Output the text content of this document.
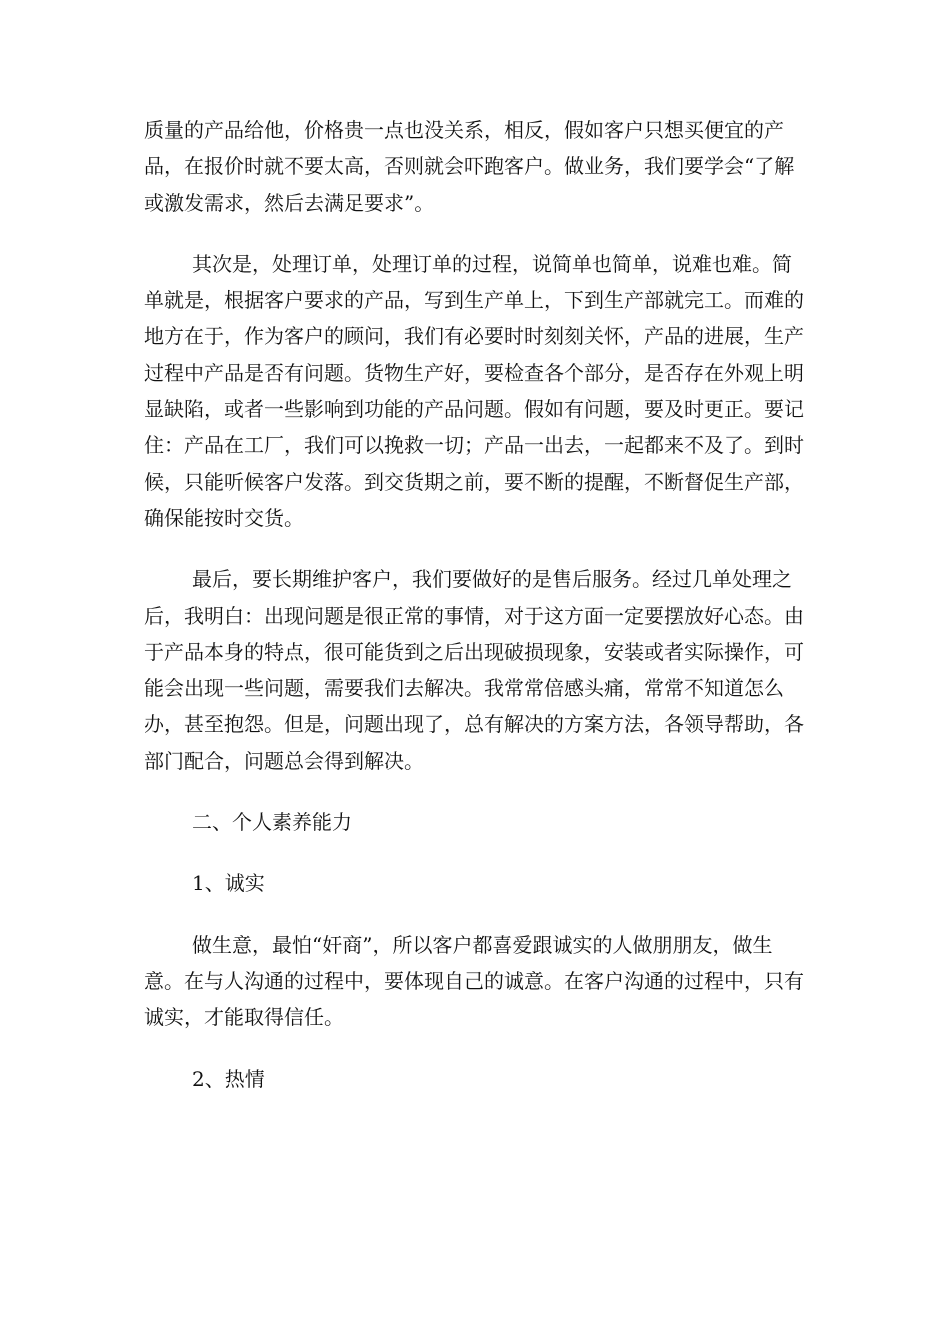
质量的产品给他，价格贵一点也没关系，相反，假如客户只想买便宜的产品，在报价时就不要太高，否则就会吓跑客户。做业务，我们要学会“了解或激发需求，然后去满足要求”。

其次是，处理订单，处理订单的过程，说简单也简单，说难也难。简单就是，根据客户要求的产品，写到生产单上，下到生产部就完工。而难的地方在于，作为客户的顾问，我们有必要时时刻刻关怀，产品的进展，生产过程中产品是否有问题。货物生产好，要检查各个部分，是否存在外观上明显缺陷，或者一些影响到功能的产品问题。假如有问题，要及时更正。要记住：产品在工厂，我们可以挽救一切；产品一出去，一起都来不及了。到时候，只能听候客户发落。到交货期之前，要不断的提醒，不断督促生产部，确保能按时交货。

最后，要长期维护客户，我们要做好的是售后服务。经过几单处理之后，我明白：出现问题是很正常的事情，对于这方面一定要摆放好心态。由于产品本身的特点，很可能货到之后出现破损现象，安装或者实际操作，可能会出现一些问题，需要我们去解决。我常常倍感头痛，常常不知道怎么办，甚至抱怨。但是，问题出现了，总有解决的方案方法，各领导帮助，各部门配合，问题总会得到解决。

二、个人素养能力

1、诚实

做生意，最怕“奸商”，所以客户都喜爱跟诚实的人做朋朋友，做生意。在与人沟通的过程中，要体现自己的诚意。在客户沟通的过程中，只有诚实，才能取得信任。

2、热情
